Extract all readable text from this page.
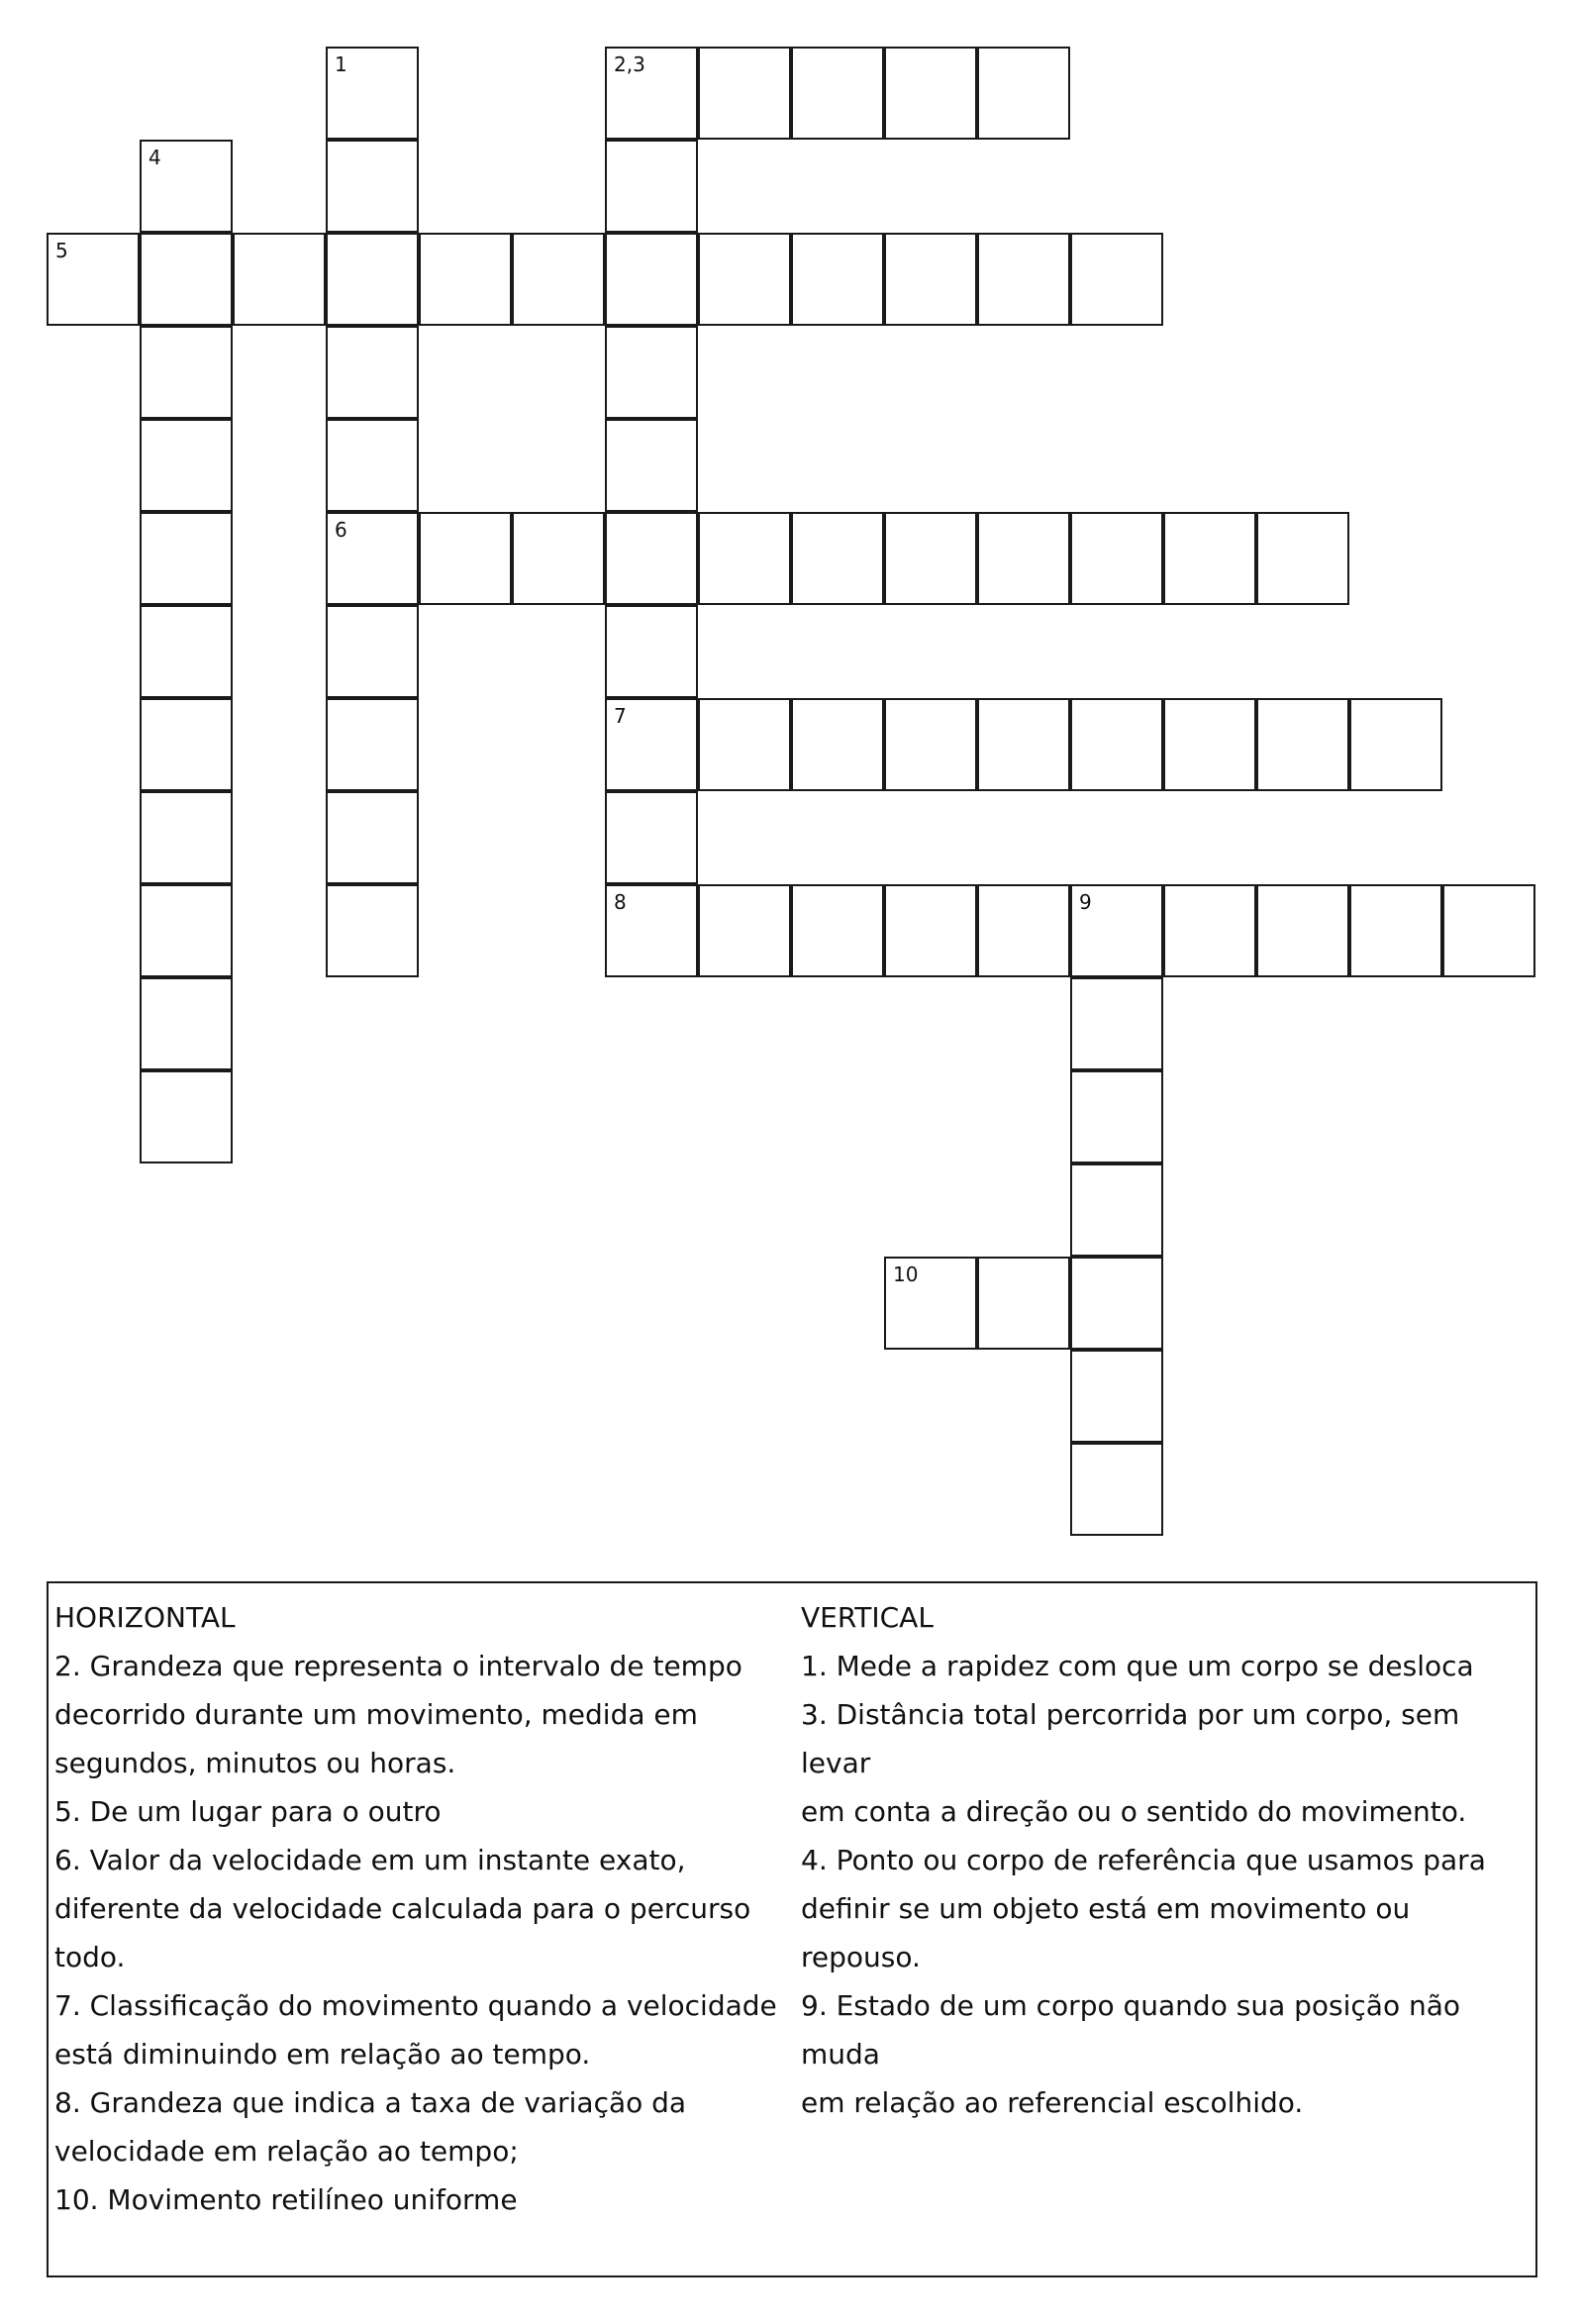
1	2,3
4
5
6
7
8	9
10

HORIZONTAL

2. Grandeza que representa o intervalo de tempo

decorrido durante um movimento, medida em

segundos, minutos ou horas.

5. De um lugar para o outro

6. Valor da velocidade em um instante exato,

diferente da velocidade calculada para o percurso

todo.

7. Classificação do movimento quando a velocidade

está diminuindo em relação ao tempo.

8. Grandeza que indica a taxa de variação da

velocidade em relação ao tempo;

10. Movimento retilíneo uniforme

VERTICAL

1. Mede a rapidez com que um corpo se desloca

3. Distância total percorrida por um corpo, sem levar

em conta a direção ou o sentido do movimento.

4. Ponto ou corpo de referência que usamos para

definir se um objeto está em movimento ou repouso.

9. Estado de um corpo quando sua posição não muda

em relação ao referencial escolhido.
